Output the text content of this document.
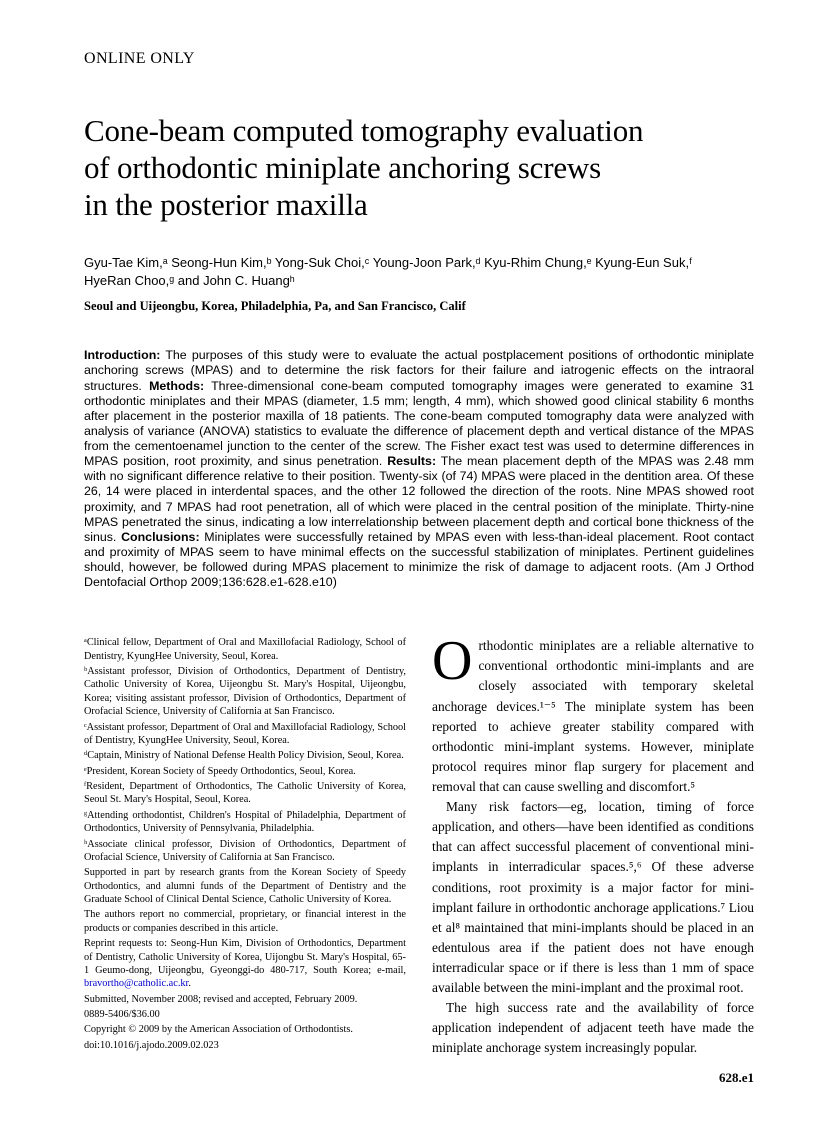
ONLINE ONLY
Cone-beam computed tomography evaluation
of orthodontic miniplate anchoring screws
in the posterior maxilla
Gyu-Tae Kim,ᵃ Seong-Hun Kim,ᵇ Yong-Suk Choi,ᶜ Young-Joon Park,ᵈ Kyu-Rhim Chung,ᵉ Kyung-Eun Suk,ᶠ
HyeRan Choo,ᵍ and John C. Huangʰ
Seoul and Uijeongbu, Korea, Philadelphia, Pa, and San Francisco, Calif

Introduction: The purposes of this study were to evaluate the actual postplacement positions of orthodontic miniplate anchoring screws (MPAS) and to determine the risk factors for their failure and iatrogenic effects on the intraoral structures. Methods: Three-dimensional cone-beam computed tomography images were generated to examine 31 orthodontic miniplates and their MPAS (diameter, 1.5 mm; length, 4 mm), which showed good clinical stability 6 months after placement in the posterior maxilla of 18 patients. The cone-beam computed tomography data were analyzed with analysis of variance (ANOVA) statistics to evaluate the difference of placement depth and vertical distance of the MPAS from the cementoenamel junction to the center of the screw. The Fisher exact test was used to determine differences in MPAS position, root proximity, and sinus penetration. Results: The mean placement depth of the MPAS was 2.48 mm with no significant difference relative to their position. Twenty-six (of 74) MPAS were placed in the dentition area. Of these 26, 14 were placed in interdental spaces, and the other 12 followed the direction of the roots. Nine MPAS showed root proximity, and 7 MPAS had root penetration, all of which were placed in the central position of the miniplate. Thirty-nine MPAS penetrated the sinus, indicating a low interrelationship between placement depth and cortical bone thickness of the sinus. Conclusions: Miniplates were successfully retained by MPAS even with less-than-ideal placement. Root contact and proximity of MPAS seem to have minimal effects on the successful stabilization of miniplates. Pertinent guidelines should, however, be followed during MPAS placement to minimize the risk of damage to adjacent roots. (Am J Orthod Dentofacial Orthop 2009;136:628.e1-628.e10)

ᵃClinical fellow, Department of Oral and Maxillofacial Radiology, School of Dentistry, KyungHee University, Seoul, Korea.

ᵇAssistant professor, Division of Orthodontics, Department of Dentistry, Catholic University of Korea, Uijeongbu St. Mary's Hospital, Uijeongbu, Korea; visiting assistant professor, Division of Orthodontics, Department of Orofacial Science, University of California at San Francisco.

ᶜAssistant professor, Department of Oral and Maxillofacial Radiology, School of Dentistry, KyungHee University, Seoul, Korea.

ᵈCaptain, Ministry of National Defense Health Policy Division, Seoul, Korea.

ᵉPresident, Korean Society of Speedy Orthodontics, Seoul, Korea.

ᶠResident, Department of Orthodontics, The Catholic University of Korea, Seoul St. Mary's Hospital, Seoul, Korea.

ᵍAttending orthodontist, Children's Hospital of Philadelphia, Department of Orthodontics, University of Pennsylvania, Philadelphia.

ʰAssociate clinical professor, Division of Orthodontics, Department of Orofacial Science, University of California at San Francisco.

Supported in part by research grants from the Korean Society of Speedy Orthodontics, and alumni funds of the Department of Dentistry and the Graduate School of Clinical Dental Science, Catholic University of Korea.

The authors report no commercial, proprietary, or financial interest in the products or companies described in this article.

Reprint requests to: Seong-Hun Kim, Division of Orthodontics, Department of Dentistry, Catholic University of Korea, Uijongbu St. Mary's Hospital, 65-1 Geumo-dong, Uijeongbu, Gyeonggi-do 480-717, South Korea; e-mail, bravortho@catholic.ac.kr.

Submitted, November 2008; revised and accepted, February 2009.

0889-5406/$36.00

Copyright © 2009 by the American Association of Orthodontists.

doi:10.1016/j.ajodo.2009.02.023

Orthodontic miniplates are a reliable alternative to conventional orthodontic mini-implants and are closely associated with temporary skeletal anchorage devices.¹⁻⁵ The miniplate system has been reported to achieve greater stability compared with orthodontic mini-implant systems. However, miniplate protocol requires minor flap surgery for placement and removal that can cause swelling and discomfort.⁵

Many risk factors—eg, location, timing of force application, and others—have been identified as conditions that can affect successful placement of conventional mini-implants in interradicular spaces.⁵,⁶ Of these adverse conditions, root proximity is a major factor for mini-implant failure in orthodontic anchorage applications.⁷ Liou et al⁸ maintained that mini-implants should be placed in an edentulous area if the patient does not have enough interradicular space or if there is less than 1 mm of space available between the mini-implant and the proximal root.

The high success rate and the availability of force application independent of adjacent teeth have made the miniplate anchorage system increasingly popular.

628.e1
